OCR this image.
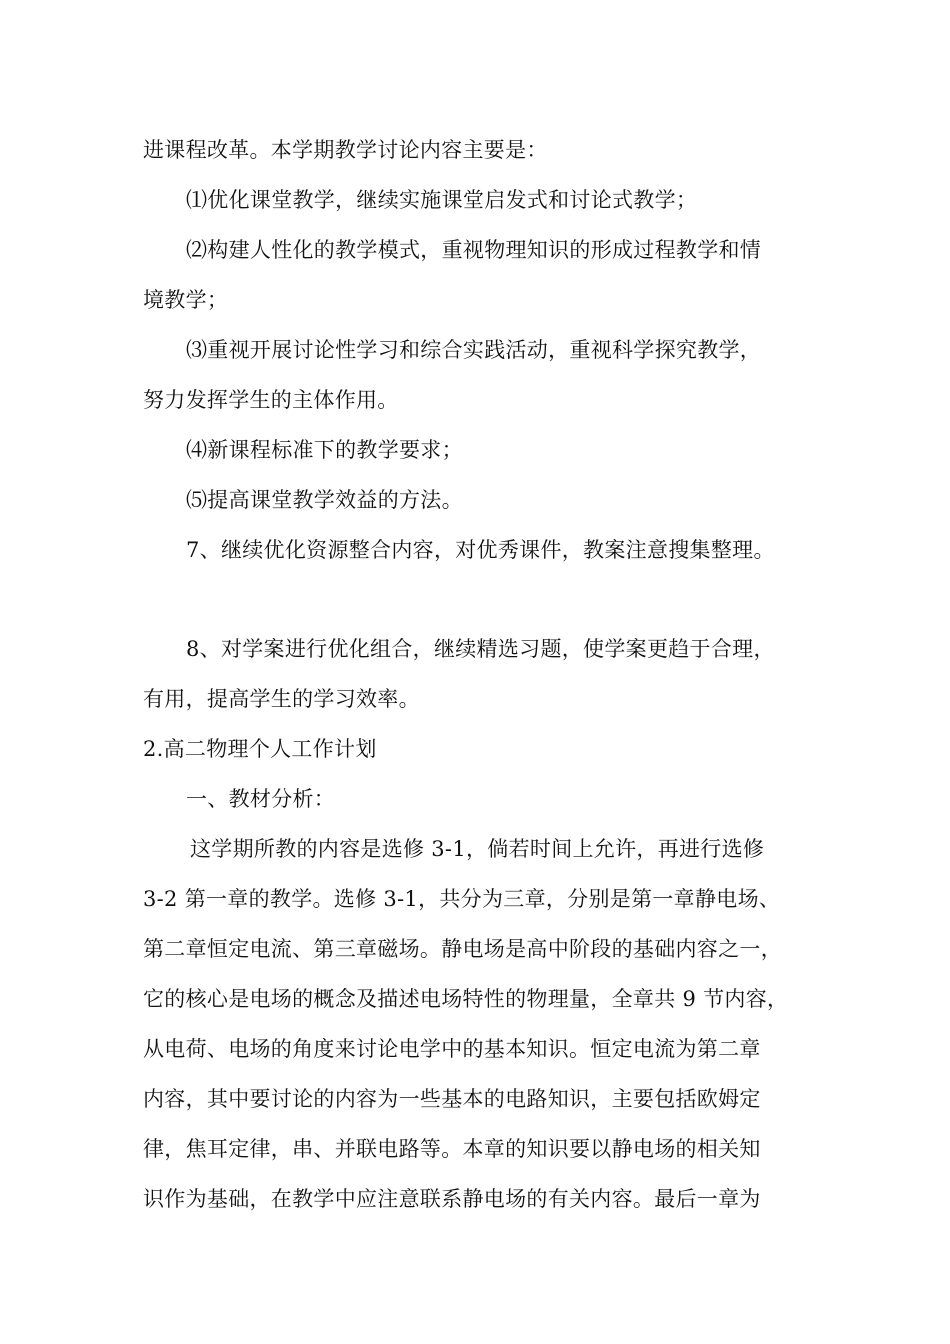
进课程改革。本学期教学讨论内容主要是：
⑴优化课堂教学，继续实施课堂启发式和讨论式教学；
⑵构建人性化的教学模式，重视物理知识的形成过程教学和情
境教学；
⑶重视开展讨论性学习和综合实践活动，重视科学探究教学，
努力发挥学生的主体作用。
⑷新课程标准下的教学要求；
⑸提高课堂教学效益的方法。
7、继续优化资源整合内容，对优秀课件，教案注意搜集整理。
8、对学案进行优化组合，继续精选习题，使学案更趋于合理，
有用，提高学生的学习效率。
2.高二物理个人工作计划
一、教材分析：
这学期所教的内容是选修 3-1，倘若时间上允许，再进行选修
3-2 第一章的教学。选修 3-1，共分为三章，分别是第一章静电场、
第二章恒定电流、第三章磁场。静电场是高中阶段的基础内容之一，
它的核心是电场的概念及描述电场特性的物理量，全章共 9 节内容，
从电荷、电场的角度来讨论电学中的基本知识。恒定电流为第二章
内容，其中要讨论的内容为一些基本的电路知识，主要包括欧姆定
律，焦耳定律，串、并联电路等。本章的知识要以静电场的相关知
识作为基础，在教学中应注意联系静电场的有关内容。最后一章为
